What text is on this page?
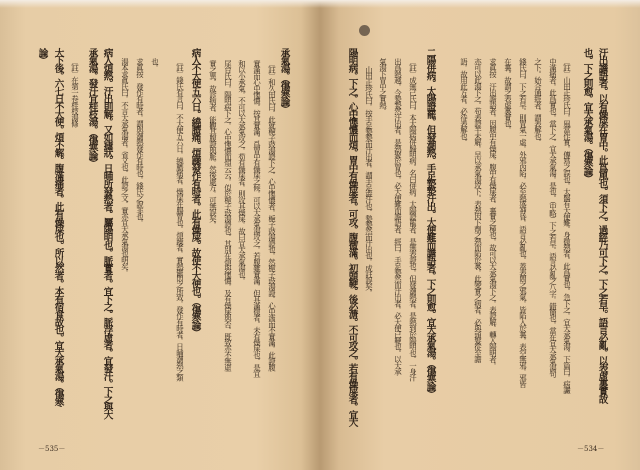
汗出譫語者。以有燥屎在胃中。此爲風也。須下之。過經乃可下之。下之若早。語言必亂。以表虛裏實故
也。下之則愈。宜大承氣湯。（傷寒論）
〔註〕山田正珍氏曰。風當作實。傳寫之誤也。太醫有大便難。身微熱者。此爲實也。急下之。宜大承氣湯。下篇曰。病讝
中滿痛者。此爲實也。當下之。宜大承氣湯。是也。（中略）下之若早。語言必亂之八字。錯簡也。當在宜大承氣湯句
之下。始合通經者。謂表解也。
錢氏曰。下之若早。則胃氣一虛。外邪內陷。必至熱盛神昏。語言必亂也。蓋表間之邪氣。皆陷入於裏。表空無邪。邪皆
在裏。故謂之表虛裏實也。
求眞按　汗出譫語者。因腹中有燥屎。腹中有燥屎者。裏實之極也。故可以大承氣湯下之。表證解。轉入陽明者。
亦可以此湯下之。苟表證半未解。早以承氣湯攻下。表熱因下劑之熱而陷於裏。此變實之病者。必與頭髮從至譫
語。故用此方者。必待表解也。
二陽併病。太陽證罷。但發潮熱。手足漐漐汗出。大便難而譫語者。下之則愈。宜大承氣湯。（傷寒論）
〔註〕成無己氏曰。本太陽病併歸明病。名曰併病。太陽證罷者。是無表證也。但發潮熱者。是熱到於陽明也。一身汗
出爲熱越。今漐漐然汗出者。是熱聚於胃也。必大便難而譫語者。經曰。手足漐然而汗出者。必大便已鞕也。以大承
氣湯下胃中之實熱。
山田正珍氏曰。按手足漐漐而汗出者。謂手足澁汗也。漐漐然而汗出也。成註誤矣。
陽明病。下之。心中懊憹而煩。胃中有燥屎者。可攻。腹微滿。初頭鞕。後必溏。不可攻之。若有燥屎者。宜大
－534－
承氣湯。（傷寒論）
〔註〕和久田氏曰。此就梔子豉湯證下之。心中懊憹者。梔子豉湯證也。然梔子豉湯證。心中濡而不實滿。此證腹
實滿而心中懊憹。按其實滿。爲胃中有燥屎之候。可以大承氣湯攻之。若腹雖實滿。但其滿微者。未有燥屎也。是宜
和以小承氣。不可以大承氣攻之。苟有燥屎者。則攻其燥屎。故曰宜大承氣湯也。
尾台氏曰。陽明病下之。心中懊憹而煩云云。似於梔子豉湯證也。其別在煩與懊憹。及有燥屎與否。既致亦不無虛
實之異。故診病者。能觀其腹證與脈。然後處方。可無誤矣。
病人不大便五六日。繞臍痛。煩躁發作有時者。此有燥屎。故使不大便也。（傷寒論）
〔註〕錢氏有言曰。不大便五六日。繞臍痛者。燥屎在腸胃也。煩躁者。實熱鬱悶之所致。發作有時者。日晡潮熱之類
也。
求眞按　發作有時者。謂與潮熱發作有時也。錢氏之說非也。
湯本求眞氏曰。不言大承氣湯者。省文也。此證之文。實亦宜大承氣湯也明矣。
病人煩熱。汗出則解。又如瘧狀。日晡所發熱者。屬陽明也。脈實者。宜下之。脈浮虛者。宜發汗。下之與大
承氣湯。發汗宜桂枝湯。（傷寒論）
〔註〕在第一卷桂枝湯條
大下後。六七日不大便。煩不解。腹滿痛者。此有燥屎也。所以然者。本有宿食故也。宜大承氣湯。（傷寒
論）
－535－
